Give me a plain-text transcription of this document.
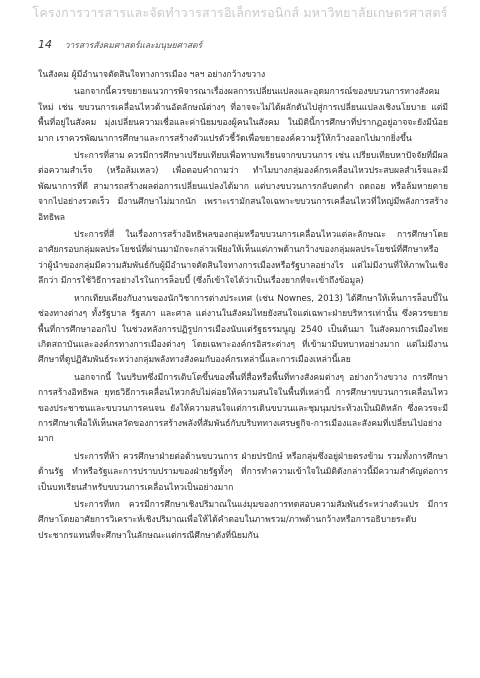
โครงการวารสารและจัดทำวารสารอิเล็กทรอนิกส์ มหาวิทยาลัยเกษตรศาสตร์
14 วารสารสังคมศาสตร์และมนุษยศาสตร์

ในสังคม ผู้มีอำนาจตัดสินใจทางการเมือง ฯลฯ อย่างกว้างขวาง

นอกจากนี้ควรขยายแนวการพิจารณาเรื่องผลการเปลี่ยนแปลงและอุดมการณ์ของขบวนการทางสังคมใหม่ เช่น ขบวนการเคลื่อนไหวด้านอัตลักษณ์ต่างๆ ที่อาจจะไม่ได้ผลักดันไปสู่การเปลี่ยนแปลงเชิงนโยบาย แต่มีพื้นที่อยู่ในสังคม มุ่งเปลี่ยนความเชื่อและค่านิยมของผู้คนในสังคม ในมิตินี้การศึกษาที่ปรากฏอยู่อาจจะยังมีน้อยมาก เราควรพัฒนาการศึกษาและการสร้างตัวแปรตัวชี้วัดเพื่อขยายองค์ความรู้ให้กว้างออกไปมากยิ่งขึ้น

ประการที่สาม ควรมีการศึกษาเปรียบเทียบเพื่อหาบทเรียนจากขบวนการ เช่น เปรียบเทียบหาปัจจัยที่มีผลต่อความสำเร็จ (หรือล้มเหลว) เพื่อตอบคำถามว่า ทำไมบางกลุ่มองค์กรเคลื่อนไหวประสบผลสำเร็จและมีพัฒนาการที่ดี สามารถสร้างผลต่อการเปลี่ยนแปลงได้มาก แต่บางขบวนการกลับตกต่ำ ถดถอย หรือล้มหายตายจากไปอย่างรวดเร็ว มีงานศึกษาไม่มากนัก เพราะเรามักสนใจเฉพาะขบวนการเคลื่อนไหวที่ใหญ่มีพลังการสร้างอิทธิพล

ประการที่สี่ ในเรื่องการสร้างอิทธิพลของกลุ่มหรือขบวนการเคลื่อนไหวแต่ละลักษณะ การศึกษาโดยอาศัยกรอบกลุ่มผลประโยชน์ที่ผ่านมามักจะกล่าวเพียงให้เห็นแต่ภาพด้านกว้างของกลุ่มผลประโยชน์ที่ศึกษาหรือว่าผู้นำของกลุ่มมีความสัมพันธ์กับผู้มีอำนาจตัดสินใจทางการเมืองหรือรัฐบาลอย่างไร แต่ไม่มีงานที่ให้ภาพในเชิงลึกว่า มีการใช้วิธีการอย่างไรในการล็อบบี้ (ซึ่งก็เข้าใจได้ว่าเป็นเรื่องยากที่จะเข้าถึงข้อมูล)

หากเทียบเคียงกับงานของนักวิชาการต่างประเทศ (เช่น Nownes, 2013) ได้ศึกษาให้เห็นการล็อบบี้ในช่องทางต่างๆ ทั้งรัฐบาล รัฐสภา และศาล แต่งานในสังคมไทยยังสนใจแต่เฉพาะฝ่ายบริหารเท่านั้น ซึ่งควรขยายพื้นที่การศึกษาออกไป ในช่วงหลังการปฏิรูปการเมืองนับแต่รัฐธรรมนูญ 2540 เป็นต้นมา ในสังคมการเมืองไทยเกิดสถาบันและองค์กรทางการเมืองต่างๆ โดยเฉพาะองค์กรอิสระต่างๆ ที่เข้ามามีบทบาทอย่างมาก แต่ไม่มีงานศึกษาที่ดูปฏิสัมพันธ์ระหว่างกลุ่มพลังทางสังคมกับองค์กรเหล่านี้และการเมืองเหล่านี้เลย

นอกจากนี้ ในบริบทซึ่งมีการเติบโตขึ้นของพื้นที่สื่อหรือพื้นที่ทางสังคมต่างๆ อย่างกว้างขวาง การศึกษาการสร้างอิทธิพล ยุทธวิธีการเคลื่อนไหวกลับไม่ค่อยให้ความสนใจในพื้นที่เหล่านี้ การศึกษาขบวนการเคลื่อนไหวของประชาชนและขบวนการคนจน ยังให้ความสนใจแต่การเดินขบวนและชุมนุมประท้วงเป็นมิติหลัก ซึ่งควรจะมีการศึกษาเพื่อให้เห็นพลวัตของการสร้างพลังที่สัมพันธ์กับบริบททางเศรษฐกิจ-การเมืองและสังคมที่เปลี่ยนไปอย่างมาก

ประการที่ห้า ควรศึกษาฝ่ายต่อต้านขบวนการ ฝ่ายปรปักษ์ หรือกลุ่มซึ่งอยู่ฝ่ายตรงข้าม รวมทั้งการศึกษาด้านรัฐ ทำหรือรัฐและการปราบปรามของฝ่ายรัฐทั้งๆ ที่การทำความเข้าใจในมิติดังกล่าวนี้มีความสำคัญต่อการเป็นบทเรียนสำหรับขบวนการเคลื่อนไหวเป็นอย่างมาก

ประการที่หก ควรมีการศึกษาเชิงปริมาณในแง่มุมของการทดสอบความสัมพันธ์ระหว่างตัวแปร มีการศึกษาโดยอาศัยการวิเคราะห์เชิงปริมาณเพื่อให้ได้คำตอบในภาพรวม/ภาพด้านกว้างหรือการอธิบายระดับประชากรแทนที่จะศึกษาในลักษณะแต่กรณีศึกษาดังที่นิยมกัน
